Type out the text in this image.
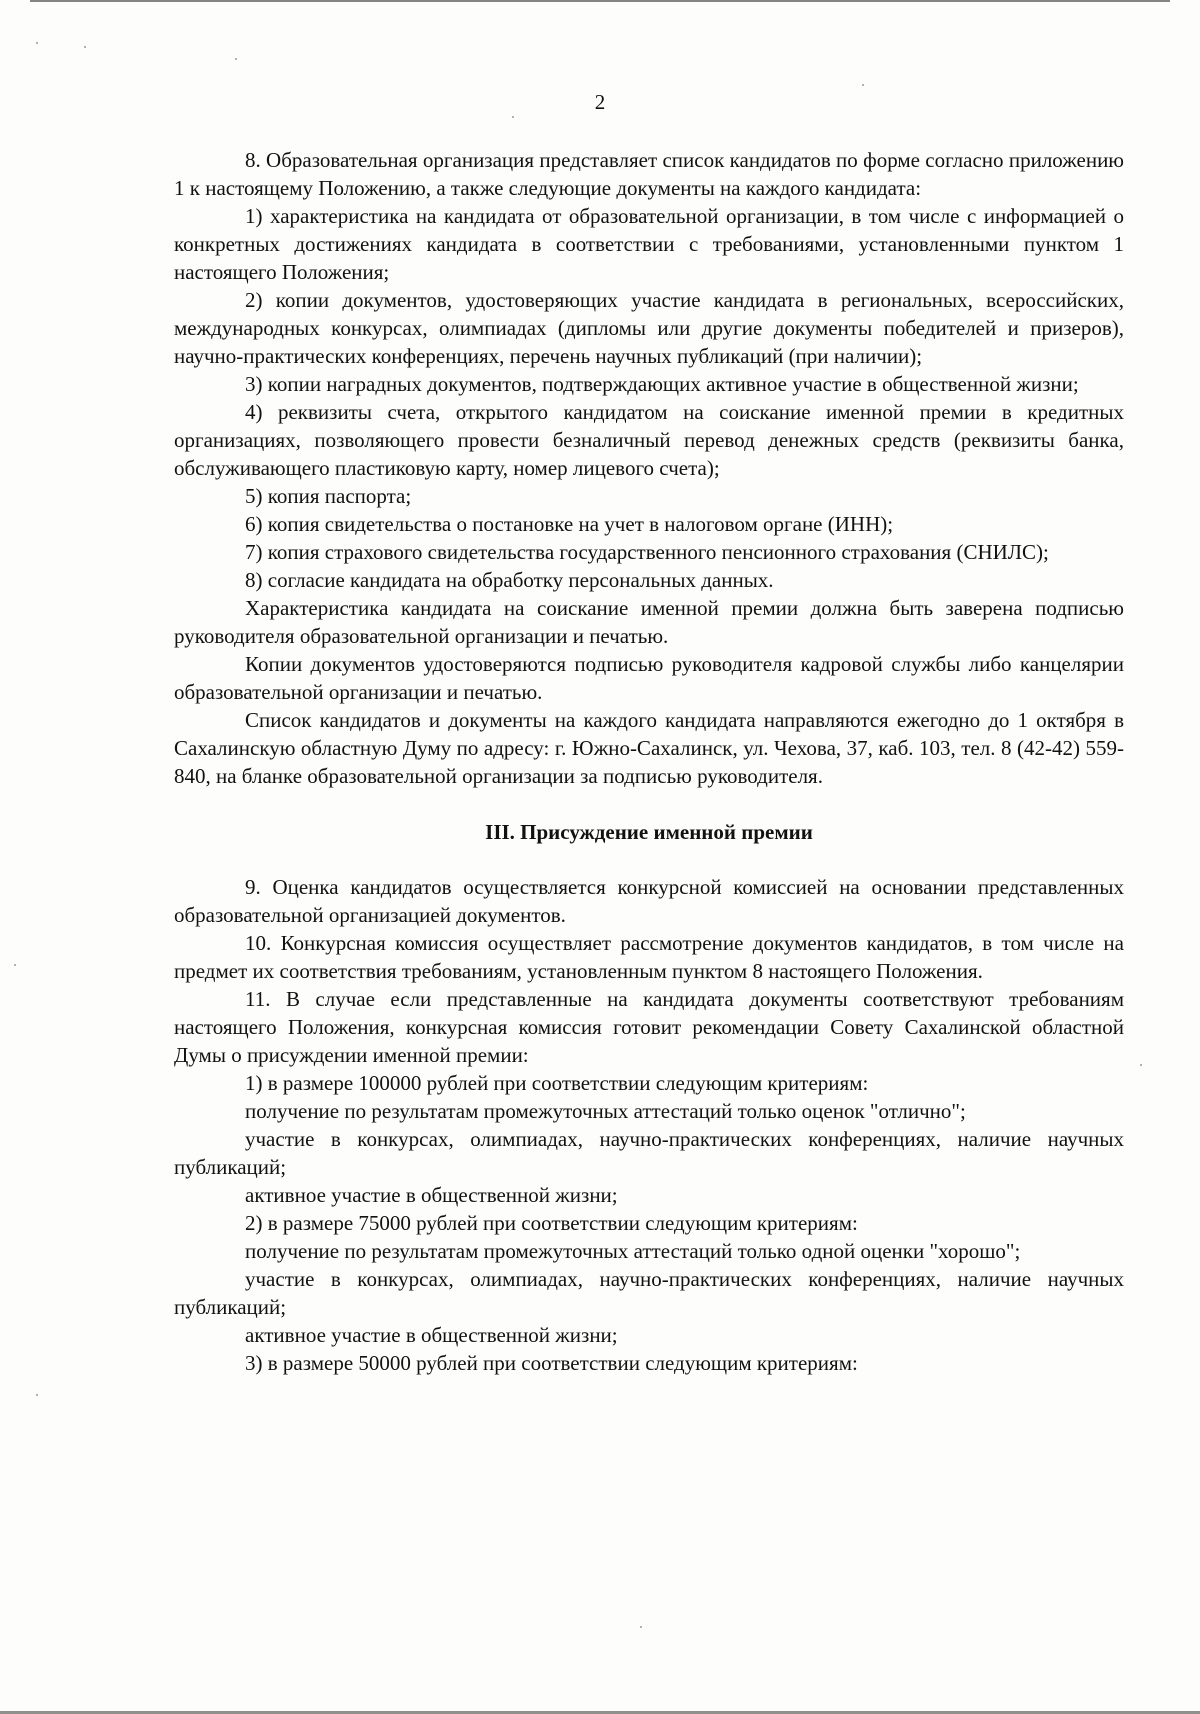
2

8. Образовательная организация представляет список кандидатов по форме согласно приложению 1 к настоящему Положению, а также следующие документы на каждого кандидата:

1) характеристика на кандидата от образовательной организации, в том числе с информацией о конкретных достижениях кандидата в соответствии с требованиями, установленными пунктом 1 настоящего Положения;

2) копии документов, удостоверяющих участие кандидата в региональных, всероссийских, международных конкурсах, олимпиадах (дипломы или другие документы победителей и призеров), научно-практических конференциях, перечень научных публикаций (при наличии);

3) копии наградных документов, подтверждающих активное участие в общественной жизни;

4) реквизиты счета, открытого кандидатом на соискание именной премии в кредитных организациях, позволяющего провести безналичный перевод денежных средств (реквизиты банка, обслуживающего пластиковую карту, номер лицевого счета);

5) копия паспорта;

6) копия свидетельства о постановке на учет в налоговом органе (ИНН);

7) копия страхового свидетельства государственного пенсионного страхования (СНИЛС);

8) согласие кандидата на обработку персональных данных.

Характеристика кандидата на соискание именной премии должна быть заверена подписью руководителя образовательной организации и печатью.

Копии документов удостоверяются подписью руководителя кадровой службы либо канцелярии образовательной организации и печатью.

Список кандидатов и документы на каждого кандидата направляются ежегодно до 1 октября в Сахалинскую областную Думу по адресу: г. Южно-Сахалинск, ул. Чехова, 37, каб. 103, тел. 8 (42-42) 559-840, на бланке образовательной организации за подписью руководителя.

III. Присуждение именной премии

9. Оценка кандидатов осуществляется конкурсной комиссией на основании представленных образовательной организацией документов.

10. Конкурсная комиссия осуществляет рассмотрение документов кандидатов, в том числе на предмет их соответствия требованиям, установленным пунктом 8 настоящего Положения.

11. В случае если представленные на кандидата документы соответствуют требованиям настоящего Положения, конкурсная комиссия готовит рекомендации Совету Сахалинской областной Думы о присуждении именной премии:

1) в размере 100000 рублей при соответствии следующим критериям:

получение по результатам промежуточных аттестаций только оценок "отлично";

участие в конкурсах, олимпиадах, научно-практических конференциях, наличие научных публикаций;

активное участие в общественной жизни;

2) в размере 75000 рублей при соответствии следующим критериям:

получение по результатам промежуточных аттестаций только одной оценки "хорошо";

участие в конкурсах, олимпиадах, научно-практических конференциях, наличие научных публикаций;

активное участие в общественной жизни;

3) в размере 50000 рублей при соответствии следующим критериям:
